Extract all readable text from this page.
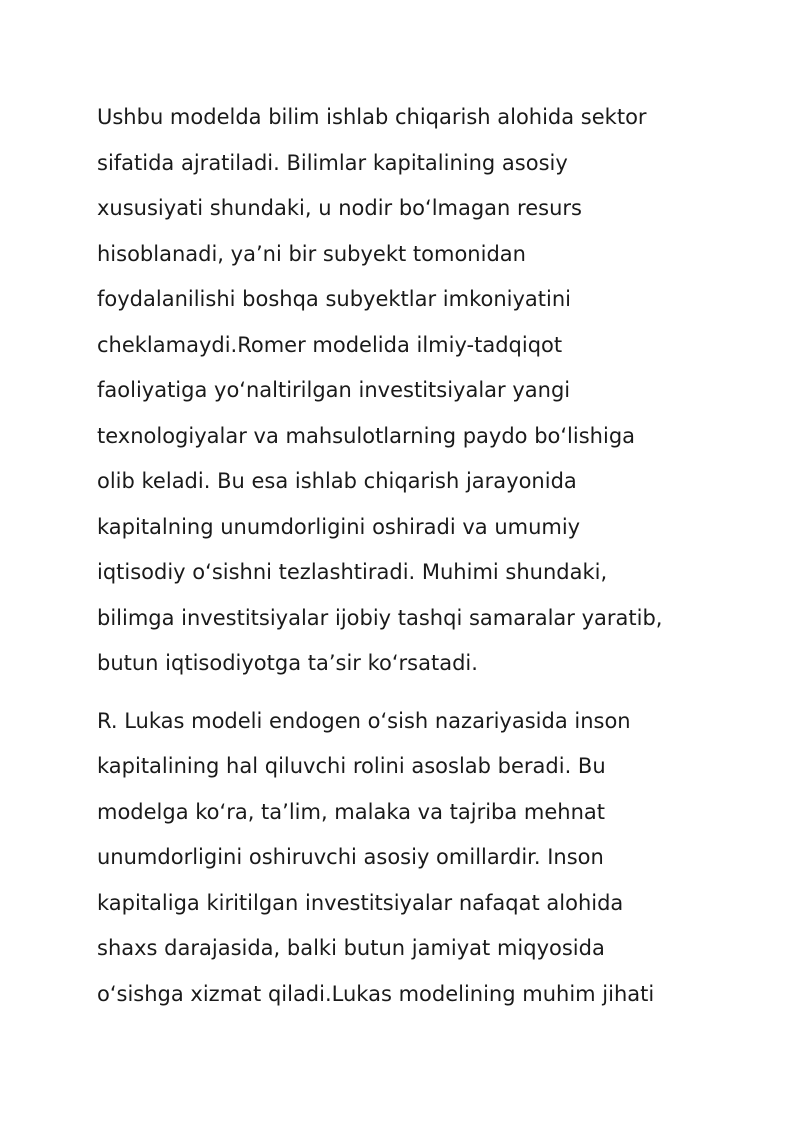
Ushbu modelda bilim ishlab chiqarish alohida sektor
sifatida ajratiladi. Bilimlar kapitalining asosiy
xususiyati shundaki, u nodir bo‘lmagan resurs
hisoblanadi, ya’ni bir subyekt tomonidan
foydalanilishi boshqa subyektlar imkoniyatini
cheklamaydi.Romer modelida ilmiy-tadqiqot
faoliyatiga yo‘naltirilgan investitsiyalar yangi
texnologiyalar va mahsulotlarning paydo bo‘lishiga
olib keladi. Bu esa ishlab chiqarish jarayonida
kapitalning unumdorligini oshiradi va umumiy
iqtisodiy o‘sishni tezlashtiradi. Muhimi shundaki,
bilimga investitsiyalar ijobiy tashqi samaralar yaratib,
butun iqtisodiyotga ta’sir ko‘rsatadi.
R. Lukas modeli endogen o‘sish nazariyasida inson
kapitalining hal qiluvchi rolini asoslab beradi. Bu
modelga ko‘ra, ta’lim, malaka va tajriba mehnat
unumdorligini oshiruvchi asosiy omillardir. Inson
kapitaliga kiritilgan investitsiyalar nafaqat alohida
shaxs darajasida, balki butun jamiyat miqyosida
o‘sishga xizmat qiladi.Lukas modelining muhim jihati
